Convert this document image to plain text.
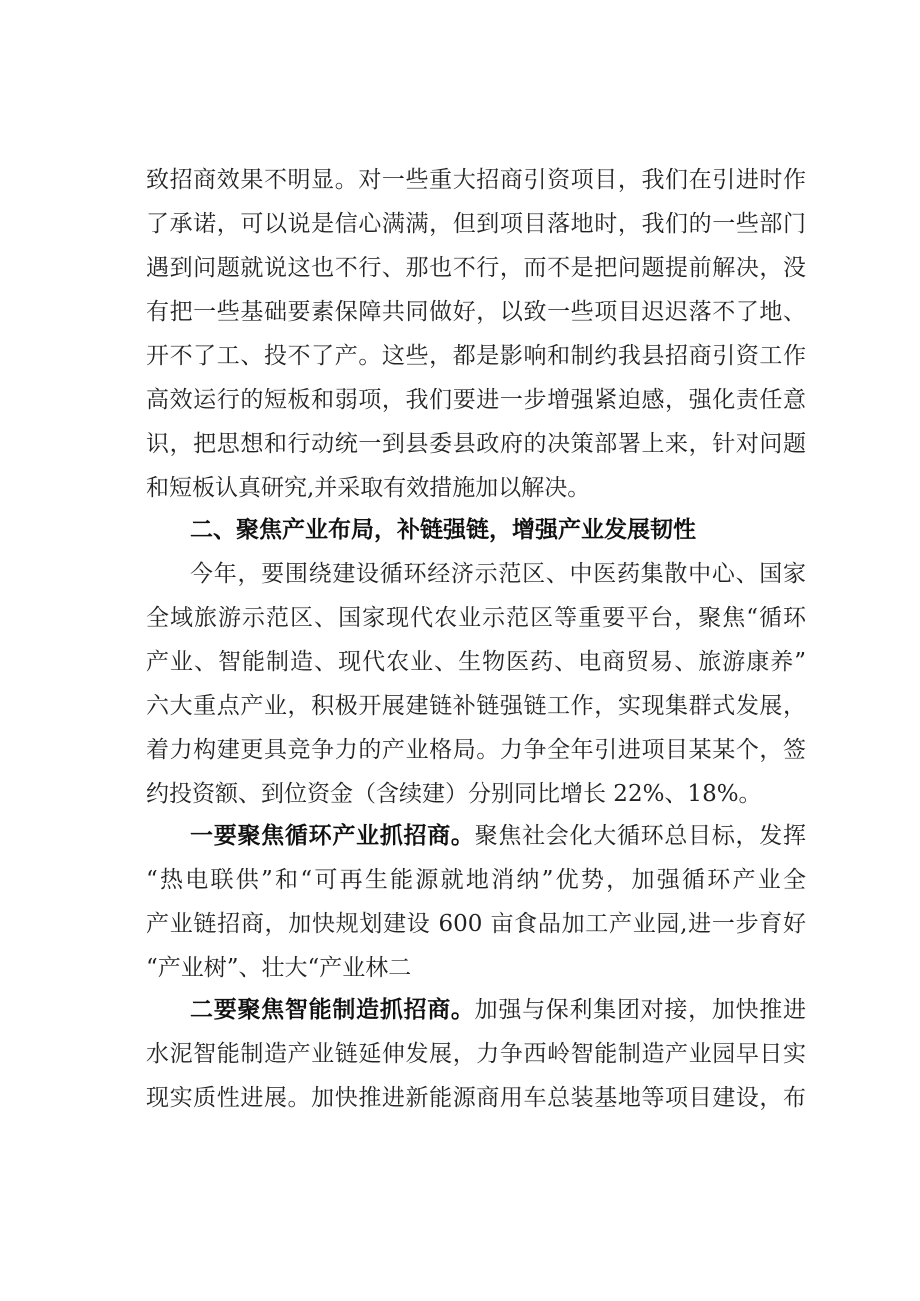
致招商效果不明显。对一些重大招商引资项目，我们在引进时作
了承诺，可以说是信心满满，但到项目落地时，我们的一些部门
遇到问题就说这也不行、那也不行，而不是把问题提前解决，没
有把一些基础要素保障共同做好，以致一些项目迟迟落不了地、
开不了工、投不了产。这些，都是影响和制约我县招商引资工作
高效运行的短板和弱项，我们要进一步增强紧迫感，强化责任意
识，把思想和行动统一到县委县政府的决策部署上来，针对问题
和短板认真研究,并采取有效措施加以解决。
二、聚焦产业布局，补链强链，增强产业发展韧性
今年，要围绕建设循环经济示范区、中医药集散中心、国家
全域旅游示范区、国家现代农业示范区等重要平台，聚焦“循环
产业、智能制造、现代农业、生物医药、电商贸易、旅游康养”
六大重点产业，积极开展建链补链强链工作，实现集群式发展，
着力构建更具竞争力的产业格局。力争全年引进项目某某个，签
约投资额、到位资金（含续建）分别同比增长 22%、18%。
一要聚焦循环产业抓招商。聚焦社会化大循环总目标，发挥
“热电联供”和“可再生能源就地消纳”优势，加强循环产业全
产业链招商，加快规划建设 600 亩食品加工产业园,进一步育好
“产业树”、壮大“产业林二
二要聚焦智能制造抓招商。加强与保利集团对接，加快推进
水泥智能制造产业链延伸发展，力争西岭智能制造产业园早日实
现实质性进展。加快推进新能源商用车总装基地等项目建设，布
